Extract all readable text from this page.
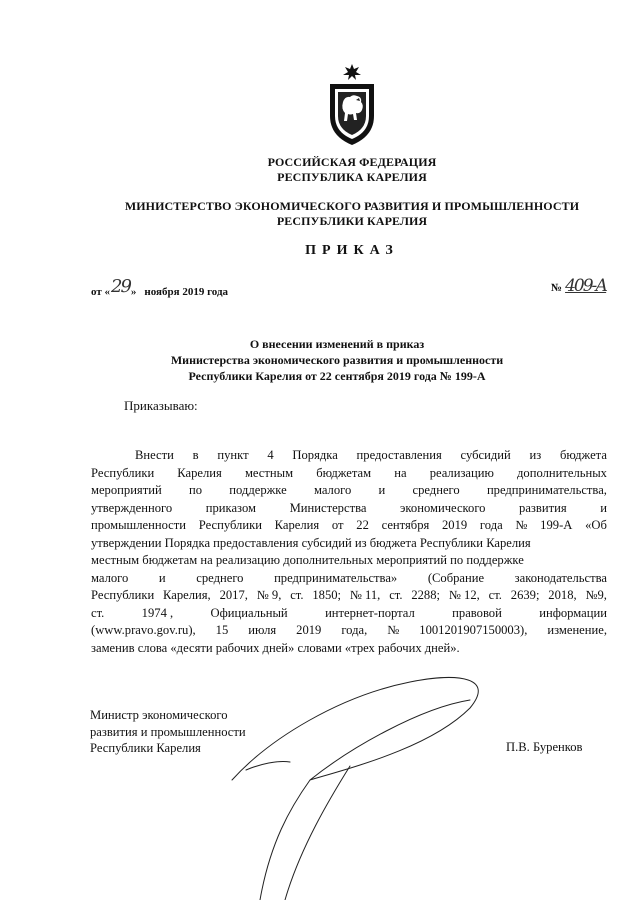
РОССИЙСКАЯ ФЕДЕРАЦИЯ
РЕСПУБЛИКА КАРЕЛИЯ
МИНИСТЕРСТВО ЭКОНОМИЧЕСКОГО РАЗВИТИЯ И ПРОМЫШЛЕННОСТИ
РЕСПУБЛИКИ КАРЕЛИЯ
ПРИКАЗ
от «29» ноября 2019 года	№ 409-А
О внесении изменений в приказ
Министерства экономического развития и промышленности
Республики Карелия от 22 сентября 2019 года № 199-А
Приказываю:
Внести в пункт 4 Порядка предоставления субсидий из бюджета
Республики Карелия местным бюджетам на реализацию дополнительных
мероприятий по поддержке малого и среднего предпринимательства,
утвержденного	приказом	Министерства	экономического	развития	и
промышленности Республики Карелия от 22 сентября 2019 года № 199-А «Об
утверждении Порядка предоставления субсидий из бюджета Республики Карелия
местным бюджетам на реализацию дополнительных мероприятий по поддержке
малого и среднего предпринимательства» (Собрание законодательства
Республики Карелия, 2017, № 9, ст. 1850; № 11, ст. 2288; № 12, ст. 2639; 2018, №9,
ст.	1974 ,	Официальный	интернет-портал	правовой	информации
(www.pravo.gov.ru), 15 июля 2019 года, № 1001201907150003), изменение,
заменив слова «десяти рабочих дней» словами «трех рабочих дней».
Министр экономического
развития и промышленности
Республики Карелия	П.В. Буренков
